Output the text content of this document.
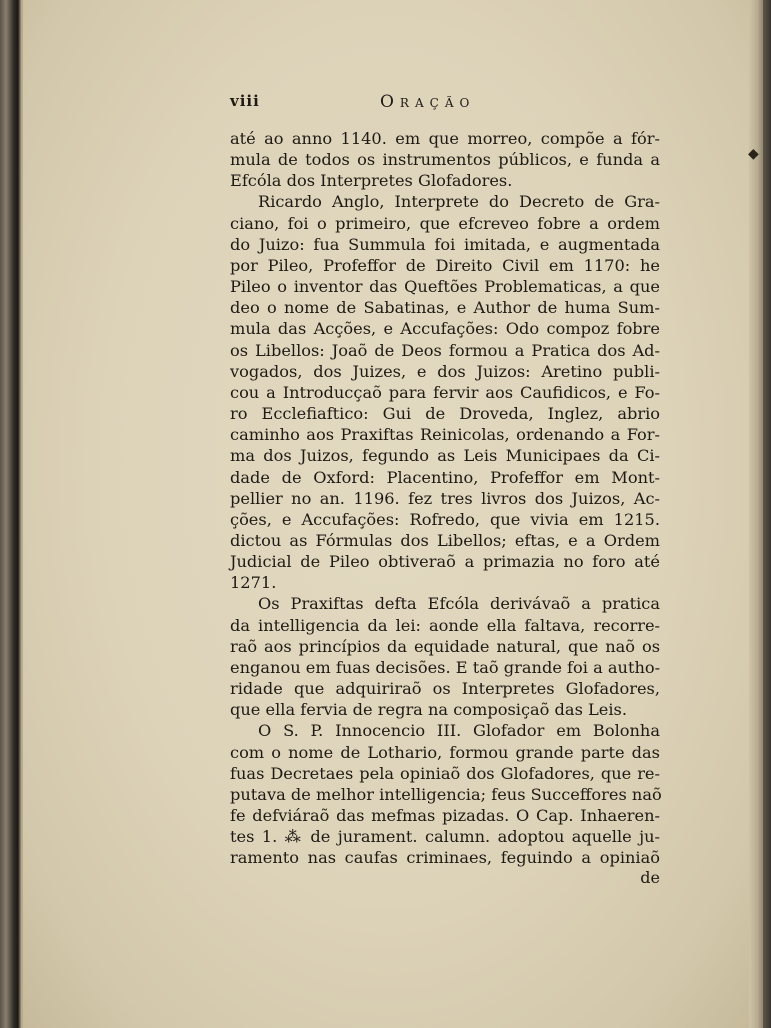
viii	Oração
até ao anno 1140. em que morreo, compõe a fór-
mula de todos os instrumentos públicos, e funda a
Efcóla dos Interpretes Glofadores.
Ricardo Anglo, Interprete do Decreto de Gra-
ciano, foi o primeiro, que efcreveo fobre a ordem
do Juizo: fua Summula foi imitada, e augmentada
por Pileo, Profeffor de Direito Civil em 1170: he
Pileo o inventor das Queftões Problematicas, a que
deo o nome de Sabatinas, e Author de huma Sum-
mula das Acções, e Accufações: Odo compoz fobre
os Libellos: Joaõ de Deos formou a Pratica dos Ad-
vogados, dos Juizes, e dos Juizos: Aretino publi-
cou a Introducçaõ para fervir aos Caufidicos, e Fo-
ro Ecclefiaftico: Gui de Droveda, Inglez, abrio
caminho aos Praxiftas Reinicolas, ordenando a For-
ma dos Juizos, fegundo as Leis Municipaes da Ci-
dade de Oxford: Placentino, Profeffor em Mont-
pellier no an. 1196. fez tres livros dos Juizos, Ac-
ções, e Accufações: Rofredo, que vivia em 1215.
dictou as Fórmulas dos Libellos; eftas, e a Ordem
Judicial de Pileo obtiveraõ a primazia no foro até
1271.
Os Praxiftas defta Efcóla derivávaõ a pratica
da intelligencia da lei: aonde ella faltava, recorre-
raõ aos princípios da equidade natural, que naõ os
enganou em fuas decisões. E taõ grande foi a autho-
ridade que adquiriraõ os Interpretes Glofadores,
que ella fervia de regra na composiçaõ das Leis.
O S. P. Innocencio III. Glofador em Bolonha
com o nome de Lothario, formou grande parte das
fuas Decretaes pela opiniaõ dos Glofadores, que re-
putava de melhor intelligencia; feus Succeffores naõ
fe defviáraõ das mefmas pizadas. O Cap. Inhaeren-
tes 1. ⁂ de jurament. calumn. adoptou aquelle ju-
ramento nas caufas criminaes, feguindo a opiniaõ
de
◆
